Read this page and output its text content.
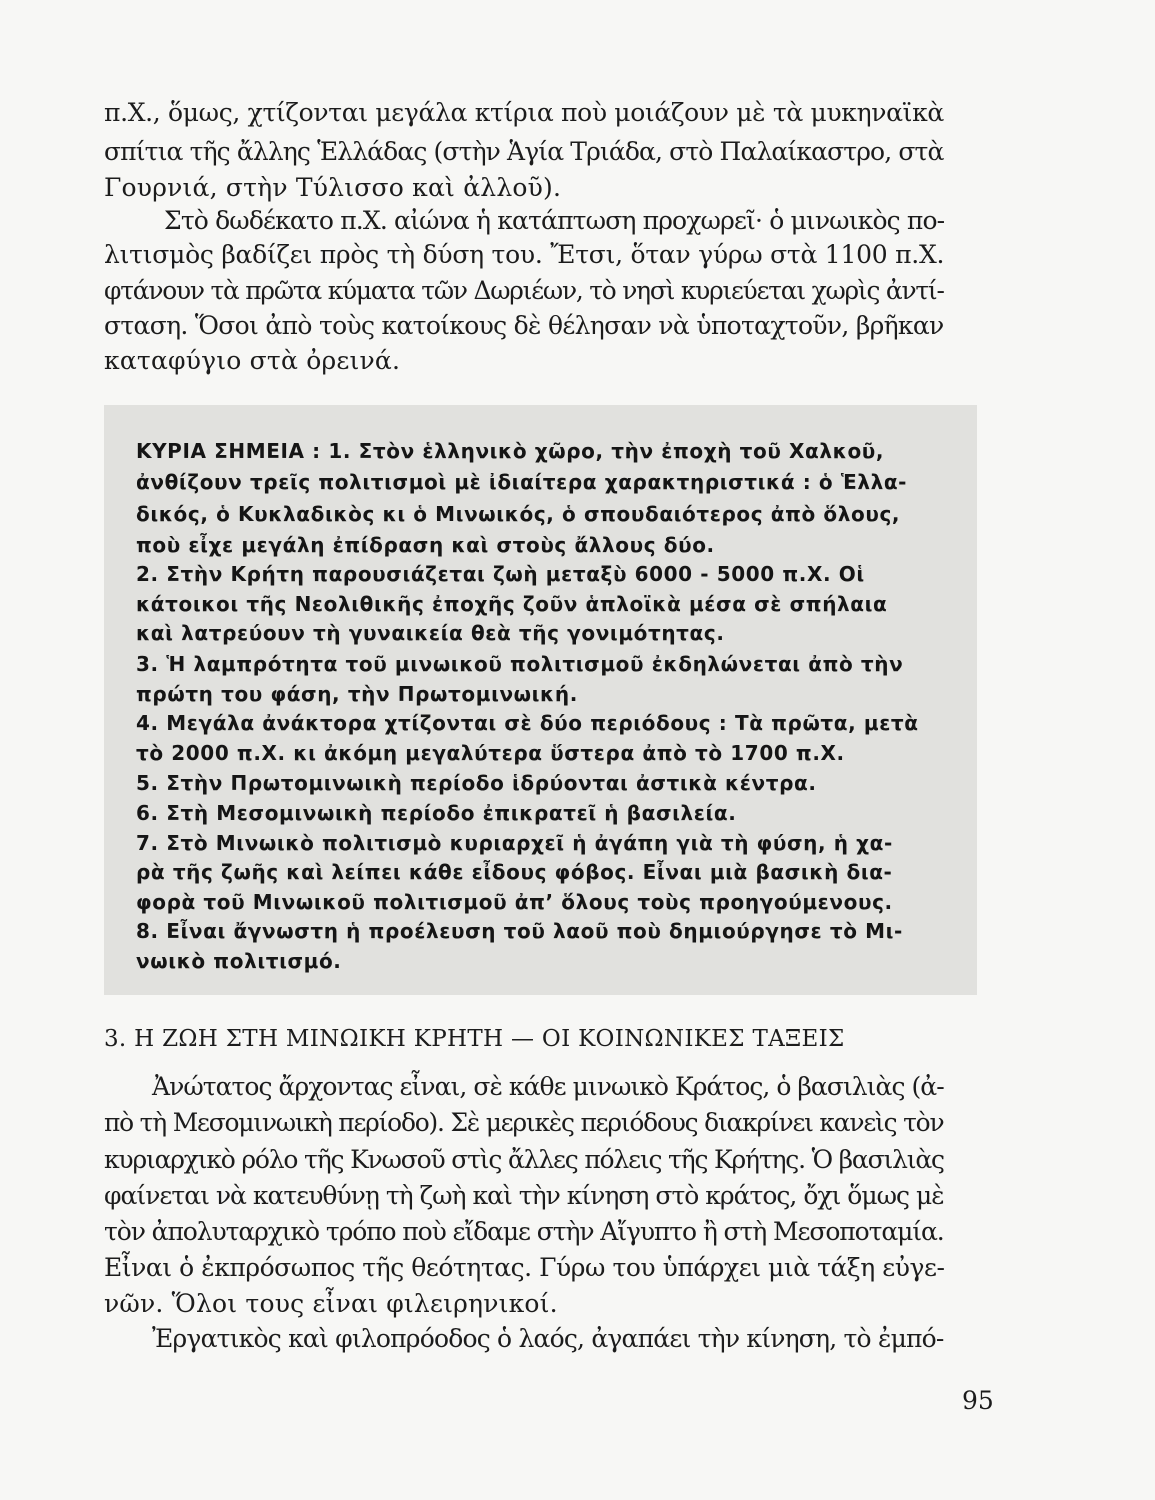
π.Χ., ὅμως, χτίζονται μεγάλα κτίρια ποὺ μοιάζουν μὲ τὰ μυκηναϊκὰ
σπίτια τῆς ἄλλης Ἑλλάδας (στὴν Ἁγία Τριάδα, στὸ Παλαίκαστρο, στὰ
Γουρνιά, στὴν Τύλισσο καὶ ἀλλοῦ).
Στὸ δωδέκατο π.Χ. αἰώνα ἡ κατάπτωση προχωρεῖ· ὁ μινωικὸς πο-
λιτισμὸς βαδίζει πρὸς τὴ δύση του. Ἔτσι, ὅταν γύρω στὰ 1100 π.Χ.
φτάνουν τὰ πρῶτα κύματα τῶν Δωριέων, τὸ νησὶ κυριεύεται χωρὶς ἀντί-
σταση. Ὅσοι ἀπὸ τοὺς κατοίκους δὲ θέλησαν νὰ ὑποταχτοῦν, βρῆκαν
καταφύγιο στὰ ὀρεινά.
ΚΥΡΙΑ ΣΗΜΕΙΑ : 1. Στὸν ἑλληνικὸ χῶρο, τὴν ἐποχὴ τοῦ Χαλκοῦ,
ἀνθίζουν τρεῖς πολιτισμοὶ μὲ ἰδιαίτερα χαρακτηριστικά : ὁ Ἑλλα-
δικός, ὁ Κυκλαδικὸς κι ὁ Μινωικός, ὁ σπουδαιότερος ἀπὸ ὅλους,
ποὺ εἶχε μεγάλη ἐπίδραση καὶ στοὺς ἄλλους δύο.
2. Στὴν Κρήτη παρουσιάζεται ζωὴ μεταξὺ 6000 - 5000 π.Χ. Οἱ
κάτοικοι τῆς Νεολιθικῆς ἐποχῆς ζοῦν ἁπλοϊκὰ μέσα σὲ σπήλαια
καὶ λατρεύουν τὴ γυναικεία θεὰ τῆς γονιμότητας.
3. Ἡ λαμπρότητα τοῦ μινωικοῦ πολιτισμοῦ ἐκδηλώνεται ἀπὸ τὴν
πρώτη του φάση, τὴν Πρωτομινωική.
4. Μεγάλα ἀνάκτορα χτίζονται σὲ δύο περιόδους : Τὰ πρῶτα, μετὰ
τὸ 2000 π.Χ. κι ἀκόμη μεγαλύτερα ὕστερα ἀπὸ τὸ 1700 π.Χ.
5. Στὴν Πρωτομινωικὴ περίοδο ἱδρύονται ἀστικὰ κέντρα.
6. Στὴ Μεσομινωικὴ περίοδο ἐπικρατεῖ ἡ βασιλεία.
7. Στὸ Μινωικὸ πολιτισμὸ κυριαρχεῖ ἡ ἀγάπη γιὰ τὴ φύση, ἡ χα-
ρὰ τῆς ζωῆς καὶ λείπει κάθε εἶδους φόβος. Εἶναι μιὰ βασικὴ δια-
φορὰ τοῦ Μινωικοῦ πολιτισμοῦ ἀπ’ ὅλους τοὺς προηγούμενους.
8. Εἶναι ἄγνωστη ἡ προέλευση τοῦ λαοῦ ποὺ δημιούργησε τὸ Μι-
νωικὸ πολιτισμό.
3. Η ΖΩΗ ΣΤΗ ΜΙΝΩΙΚΗ ΚΡΗΤΗ — ΟΙ ΚΟΙΝΩΝΙΚΕΣ ΤΑΞΕΙΣ
Ἀνώτατος ἄρχοντας εἶναι, σὲ κάθε μινωικὸ Κράτος, ὁ βασιλιὰς (ἀ-
πὸ τὴ Μεσομινωικὴ περίοδο). Σὲ μερικὲς περιόδους διακρίνει κανεὶς τὸν
κυριαρχικὸ ρόλο τῆς Κνωσοῦ στὶς ἄλλες πόλεις τῆς Κρήτης. Ὁ βασιλιὰς
φαίνεται νὰ κατευθύνῃ τὴ ζωὴ καὶ τὴν κίνηση στὸ κράτος, ὄχι ὅμως μὲ
τὸν ἀπολυταρχικὸ τρόπο ποὺ εἴδαμε στὴν Αἴγυπτο ἢ στὴ Μεσοποταμία.
Εἶναι ὁ ἐκπρόσωπος τῆς θεότητας. Γύρω του ὑπάρχει μιὰ τάξη εὐγε-
νῶν. Ὅλοι τους εἶναι φιλειρηνικοί.
Ἐργατικὸς καὶ φιλοπρόοδος ὁ λαός, ἀγαπάει τὴν κίνηση, τὸ ἐμπό-
95
